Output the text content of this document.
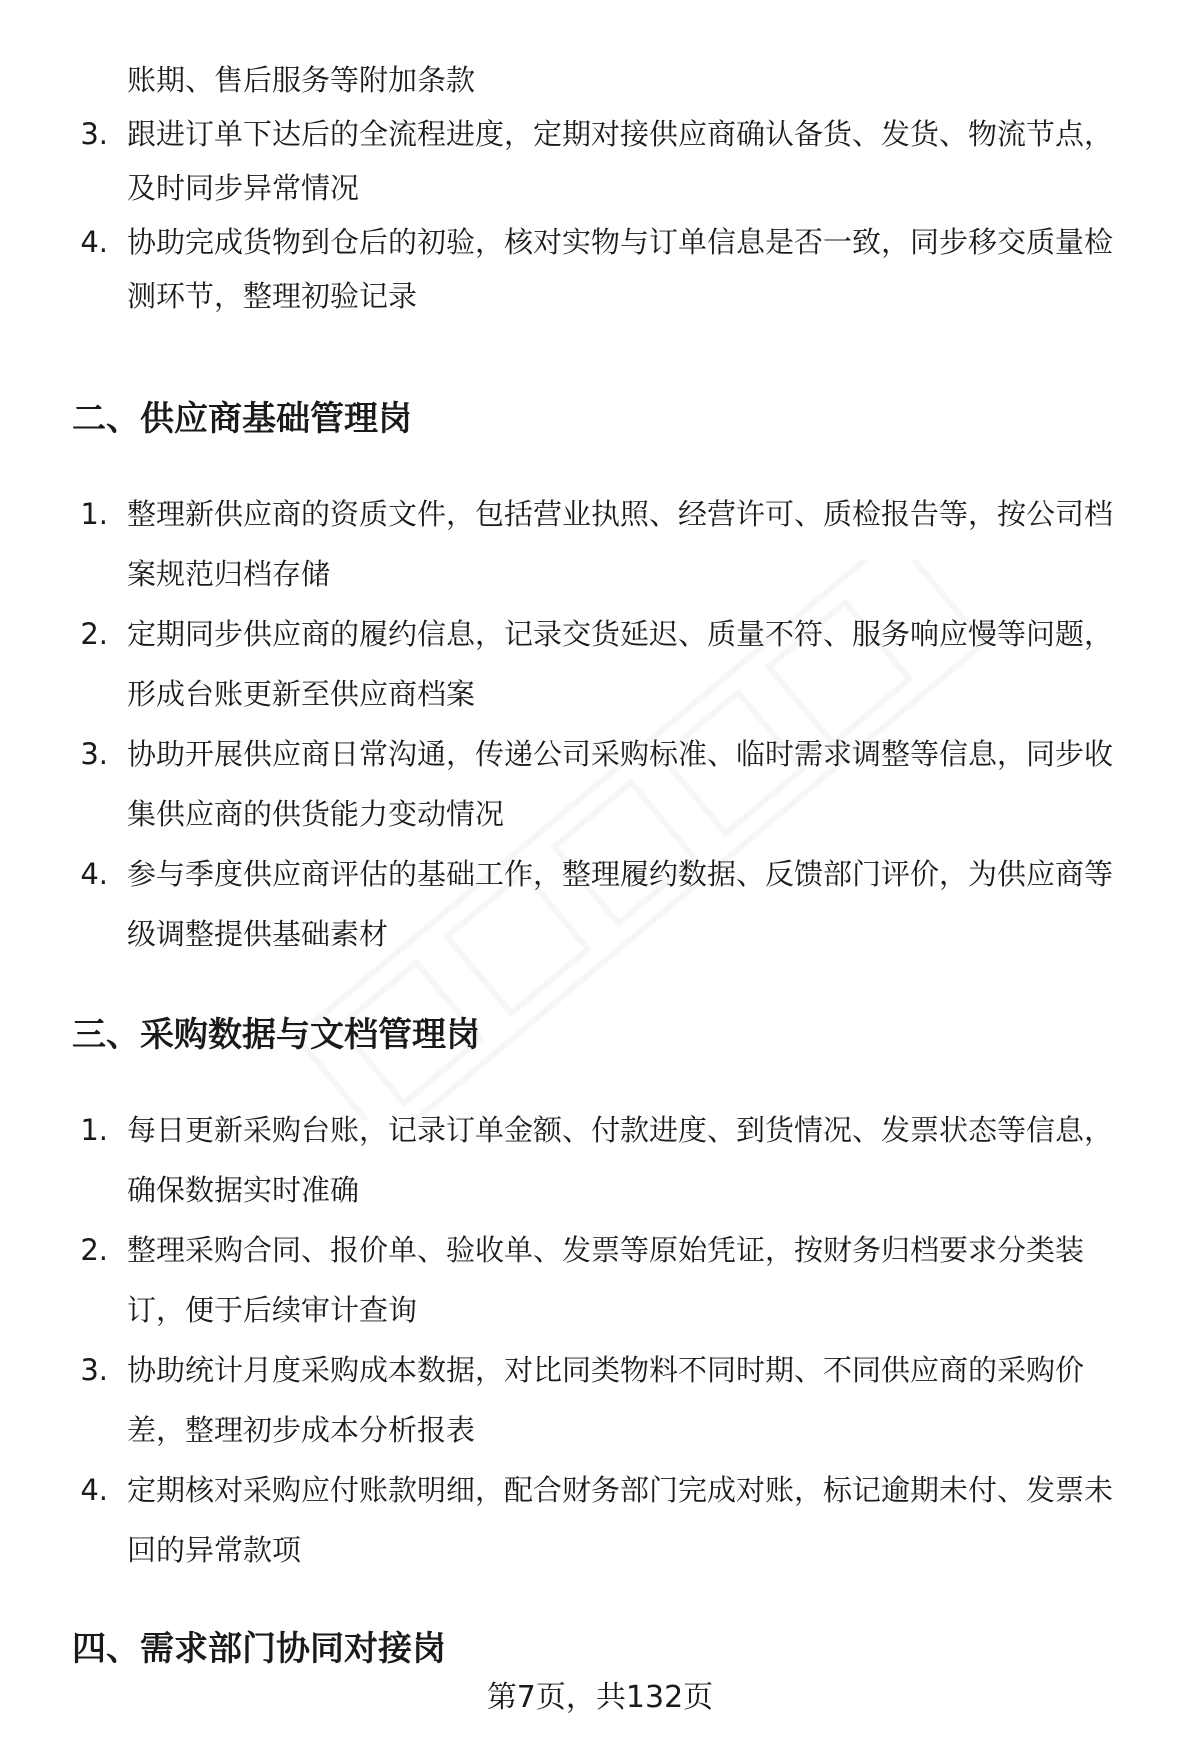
账期、售后服务等附加条款
3. 跟进订单下达后的全流程进度，定期对接供应商确认备货、发货、物流节点，
及时同步异常情况
4. 协助完成货物到仓后的初验，核对实物与订单信息是否一致，同步移交质量检
测环节，整理初验记录
二、供应商基础管理岗
1. 整理新供应商的资质文件，包括营业执照、经营许可、质检报告等，按公司档
案规范归档存储
2. 定期同步供应商的履约信息，记录交货延迟、质量不符、服务响应慢等问题，
形成台账更新至供应商档案
3. 协助开展供应商日常沟通，传递公司采购标准、临时需求调整等信息，同步收
集供应商的供货能力变动情况
4. 参与季度供应商评估的基础工作，整理履约数据、反馈部门评价，为供应商等
级调整提供基础素材
三、采购数据与文档管理岗
1. 每日更新采购台账，记录订单金额、付款进度、到货情况、发票状态等信息，
确保数据实时准确
2. 整理采购合同、报价单、验收单、发票等原始凭证，按财务归档要求分类装
订，便于后续审计查询
3. 协助统计月度采购成本数据，对比同类物料不同时期、不同供应商的采购价
差，整理初步成本分析报表
4. 定期核对采购应付账款明细，配合财务部门完成对账，标记逾期未付、发票未
回的异常款项
四、需求部门协同对接岗
第7页，共132页
